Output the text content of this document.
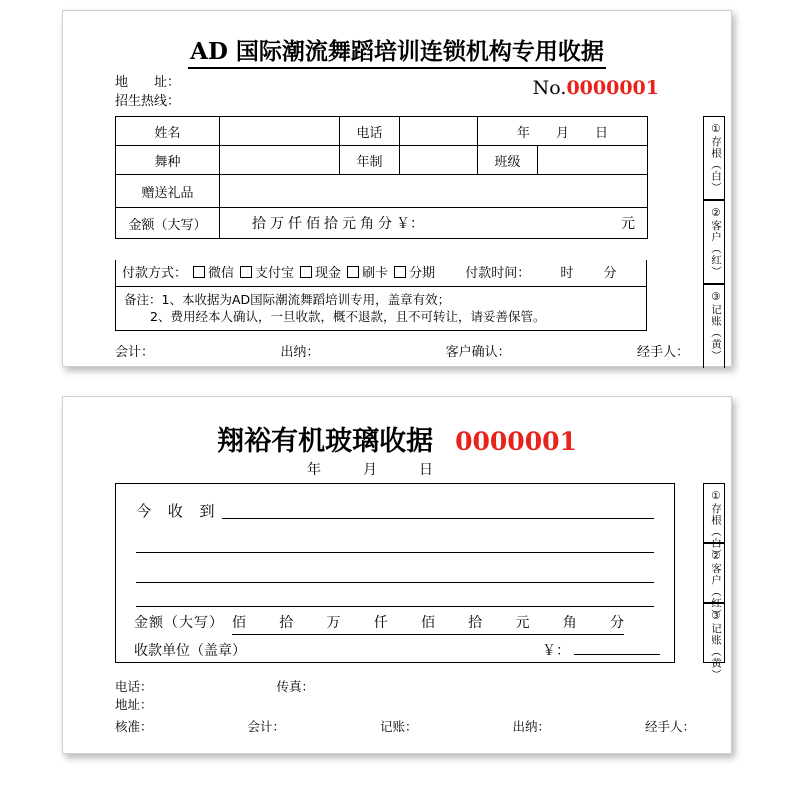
AD 国际潮流舞蹈培训连锁机构专用收据
地　　址：
招生热线：
No.0000001
姓名		电话		年　　月　　日	
舞种		年制		班级	
赠送礼品					
金额（大写）	拾 万 仟 佰 拾 元 角 分 ￥：	元
付款方式： 微信 支付宝 现金 刷卡 分期 付款时间： 时 分
备注：1、本收据为AD国际潮流舞蹈培训专用，盖章有效；
2、费用经本人确认，一旦收款，概不退款，且不可转让，请妥善保管。
会计：	出纳：	客户确认：	经手人：
①存根（白）
②客户（红）
③记账（黄）
翔裕有机玻璃收据 0000001
年　月　日
今 收 到
金额（大写） 佰 拾 万 仟 佰 拾 元 角 分
收款单位（盖章）	￥：
电话：	传真：
地址：
核准：	会计：	记账：	出纳：	经手人：
①存根（白）
②客户（红）
③记账（黄）
